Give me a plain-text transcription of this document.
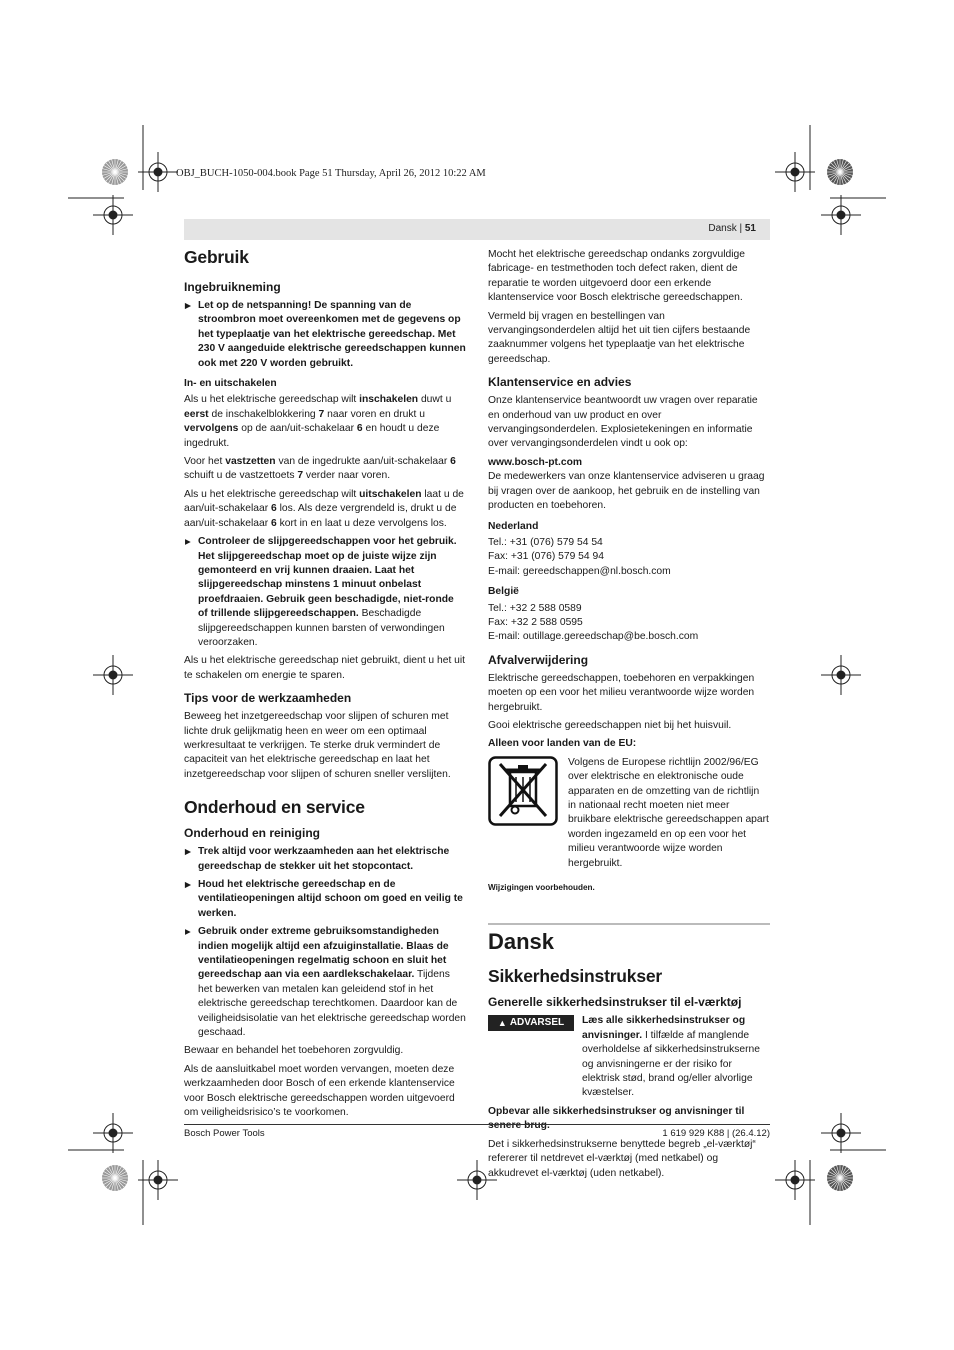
OBJ_BUCH-1050-004.book Page 51 Thursday, April 26, 2012 10:22 AM
Dansk | 51
Gebruik
Ingebruikneming
▶ Let op de netspanning! De spanning van de stroombron moet overeenkomen met de gegevens op het typeplaatje van het elektrische gereedschap. Met 230 V aangeduide elektrische gereedschappen kunnen ook met 220 V worden gebruikt.
In- en uitschakelen

Als u het elektrische gereedschap wilt inschakelen duwt u eerst de inschakelblokkering 7 naar voren en drukt u vervolgens op de aan/uit-schakelaar 6 en houdt u deze ingedrukt.

Voor het vastzetten van de ingedrukte aan/uit-schakelaar 6 schuift u de vastzettoets 7 verder naar voren.

Als u het elektrische gereedschap wilt uitschakelen laat u de aan/uit-schakelaar 6 los. Als deze vergrendeld is, drukt u de aan/uit-schakelaar 6 kort in en laat u deze vervolgens los.

▶ Controleer de slijpgereedschappen voor het gebruik. Het slijpgereedschap moet op de juiste wijze zijn gemonteerd en vrij kunnen draaien. Laat het slijpgereedschap minstens 1 minuut onbelast proefdraaien. Gebruik geen beschadigde, niet-ronde of trillende slijpgereedschappen. Beschadigde slijpgereedschappen kunnen barsten of verwondingen veroorzaken.

Als u het elektrische gereedschap niet gebruikt, dient u het uit te schakelen om energie te sparen.

Tips voor de werkzaamheden

Beweeg het inzetgereedschap voor slijpen of schuren met lichte druk gelijkmatig heen en weer om een optimaal werkresultaat te verkrijgen. Te sterke druk vermindert de capaciteit van het elektrische gereedschap en laat het inzetgereedschap voor slijpen of schuren sneller verslijten.

Onderhoud en service
Onderhoud en reiniging
▶ Trek altijd voor werkzaamheden aan het elektrische gereedschap de stekker uit het stopcontact.
▶ Houd het elektrische gereedschap en de ventilatieopeningen altijd schoon om goed en veilig te werken.
▶ Gebruik onder extreme gebruiksomstandigheden indien mogelijk altijd een afzuiginstallatie. Blaas de ventilatieopeningen regelmatig schoon en sluit het gereedschap aan via een aardlekschakelaar. Tijdens het bewerken van metalen kan geleidend stof in het elektrische gereedschap terechtkomen. Daardoor kan de veiligheidsisolatie van het elektrische gereedschap worden geschaad.

Bewaar en behandel het toebehoren zorgvuldig.

Als de aansluitkabel moet worden vervangen, moeten deze werkzaamheden door Bosch of een erkende klantenservice voor Bosch elektrische gereedschappen worden uitgevoerd om veiligheidsrisico’s te voorkomen.

Mocht het elektrische gereedschap ondanks zorgvuldige fabricage- en testmethoden toch defect raken, dient de reparatie te worden uitgevoerd door een erkende klantenservice voor Bosch elektrische gereedschappen.

Vermeld bij vragen en bestellingen van vervangingsonderdelen altijd het uit tien cijfers bestaande zaaknummer volgens het typeplaatje van het elektrische gereedschap.

Klantenservice en advies

Onze klantenservice beantwoordt uw vragen over reparatie en onderhoud van uw product en over vervangingsonderdelen. Explosietekeningen en informatie over vervangingsonderdelen vindt u ook op:

www.bosch-pt.com

De medewerkers van onze klantenservice adviseren u graag bij vragen over de aankoop, het gebruik en de instelling van producten en toebehoren.

Nederland
Tel.: +31 (076) 579 54 54
Fax: +31 (076) 579 54 94
E-mail: gereedschappen@nl.bosch.com
België
Tel.: +32 2 588 0589
Fax: +32 2 588 0595
E-mail: outillage.gereedschap@be.bosch.com
Afvalverwijdering

Elektrische gereedschappen, toebehoren en verpakkingen moeten op een voor het milieu verantwoorde wijze worden hergebruikt.

Gooi elektrische gereedschappen niet bij het huisvuil.

Alleen voor landen van de EU:
Volgens de Europese richtlijn 2002/96/EG over elektrische en elektronische oude apparaten en de omzetting van de richtlijn in nationaal recht moeten niet meer bruikbare elektrische gereedschappen apart worden ingezameld en op een voor het milieu verantwoorde wijze worden hergebruikt.
Wijzigingen voorbehouden.
Dansk
Sikkerhedsinstrukser
Generelle sikkerhedsinstrukser til el-værktøj
▲ ADVARSEL Læs alle sikkerhedsinstrukser og anvisninger. I tilfælde af manglende overholdelse af sikkerhedsinstrukserne og anvisningerne er der risiko for elektrisk stød, brand og/eller alvorlige kvæstelser.

Opbevar alle sikkerhedsinstrukser og anvisninger til senere brug.

Det i sikkerhedsinstrukserne benyttede begreb „el-værktøj“ refererer til netdrevet el-værktøj (med netkabel) og akkudrevet el-værktøj (uden netkabel).

Bosch Power Tools	1 619 929 K88 | (26.4.12)
